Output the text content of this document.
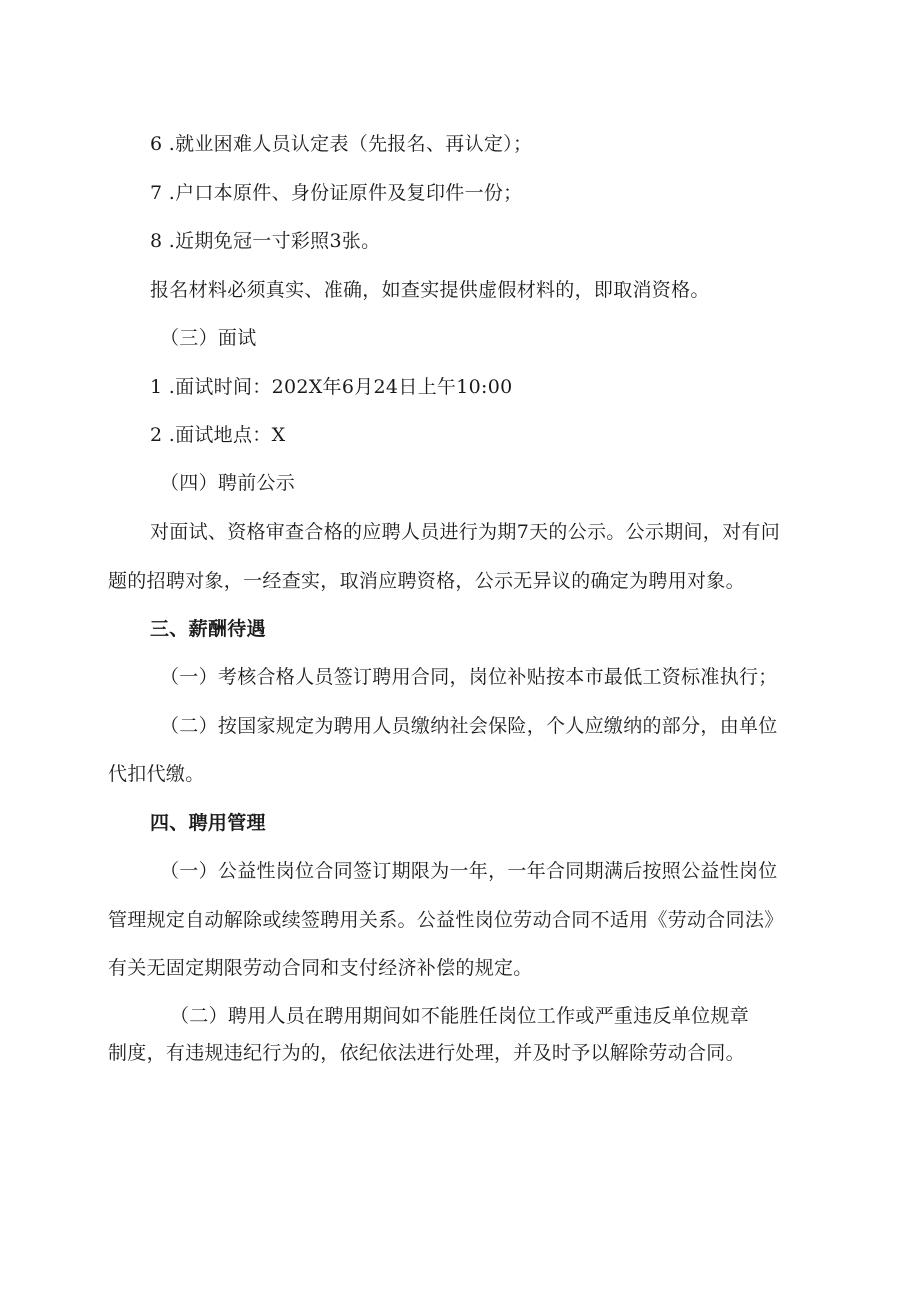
6 .就业困难人员认定表（先报名、再认定）；
7 .户口本原件、身份证原件及复印件一份；
8 .近期免冠一寸彩照3张。
报名材料必须真实、准确，如查实提供虚假材料的，即取消资格。
（三）面试
1 .面试时间：202X年6月24日上午10:00
2 .面试地点：X
（四）聘前公示
对面试、资格审查合格的应聘人员进行为期7天的公示。公示期间，对有问
题的招聘对象，一经查实，取消应聘资格，公示无异议的确定为聘用对象。
三、薪酬待遇
（一）考核合格人员签订聘用合同，岗位补贴按本市最低工资标准执行；
（二）按国家规定为聘用人员缴纳社会保险，个人应缴纳的部分，由单位
代扣代缴。
四、聘用管理
（一）公益性岗位合同签订期限为一年，一年合同期满后按照公益性岗位
管理规定自动解除或续签聘用关系。公益性岗位劳动合同不适用《劳动合同法》
有关无固定期限劳动合同和支付经济补偿的规定。
（二）聘用人员在聘用期间如不能胜任岗位工作或严重违反单位规章
制度，有违规违纪行为的，依纪依法进行处理，并及时予以解除劳动合同。
